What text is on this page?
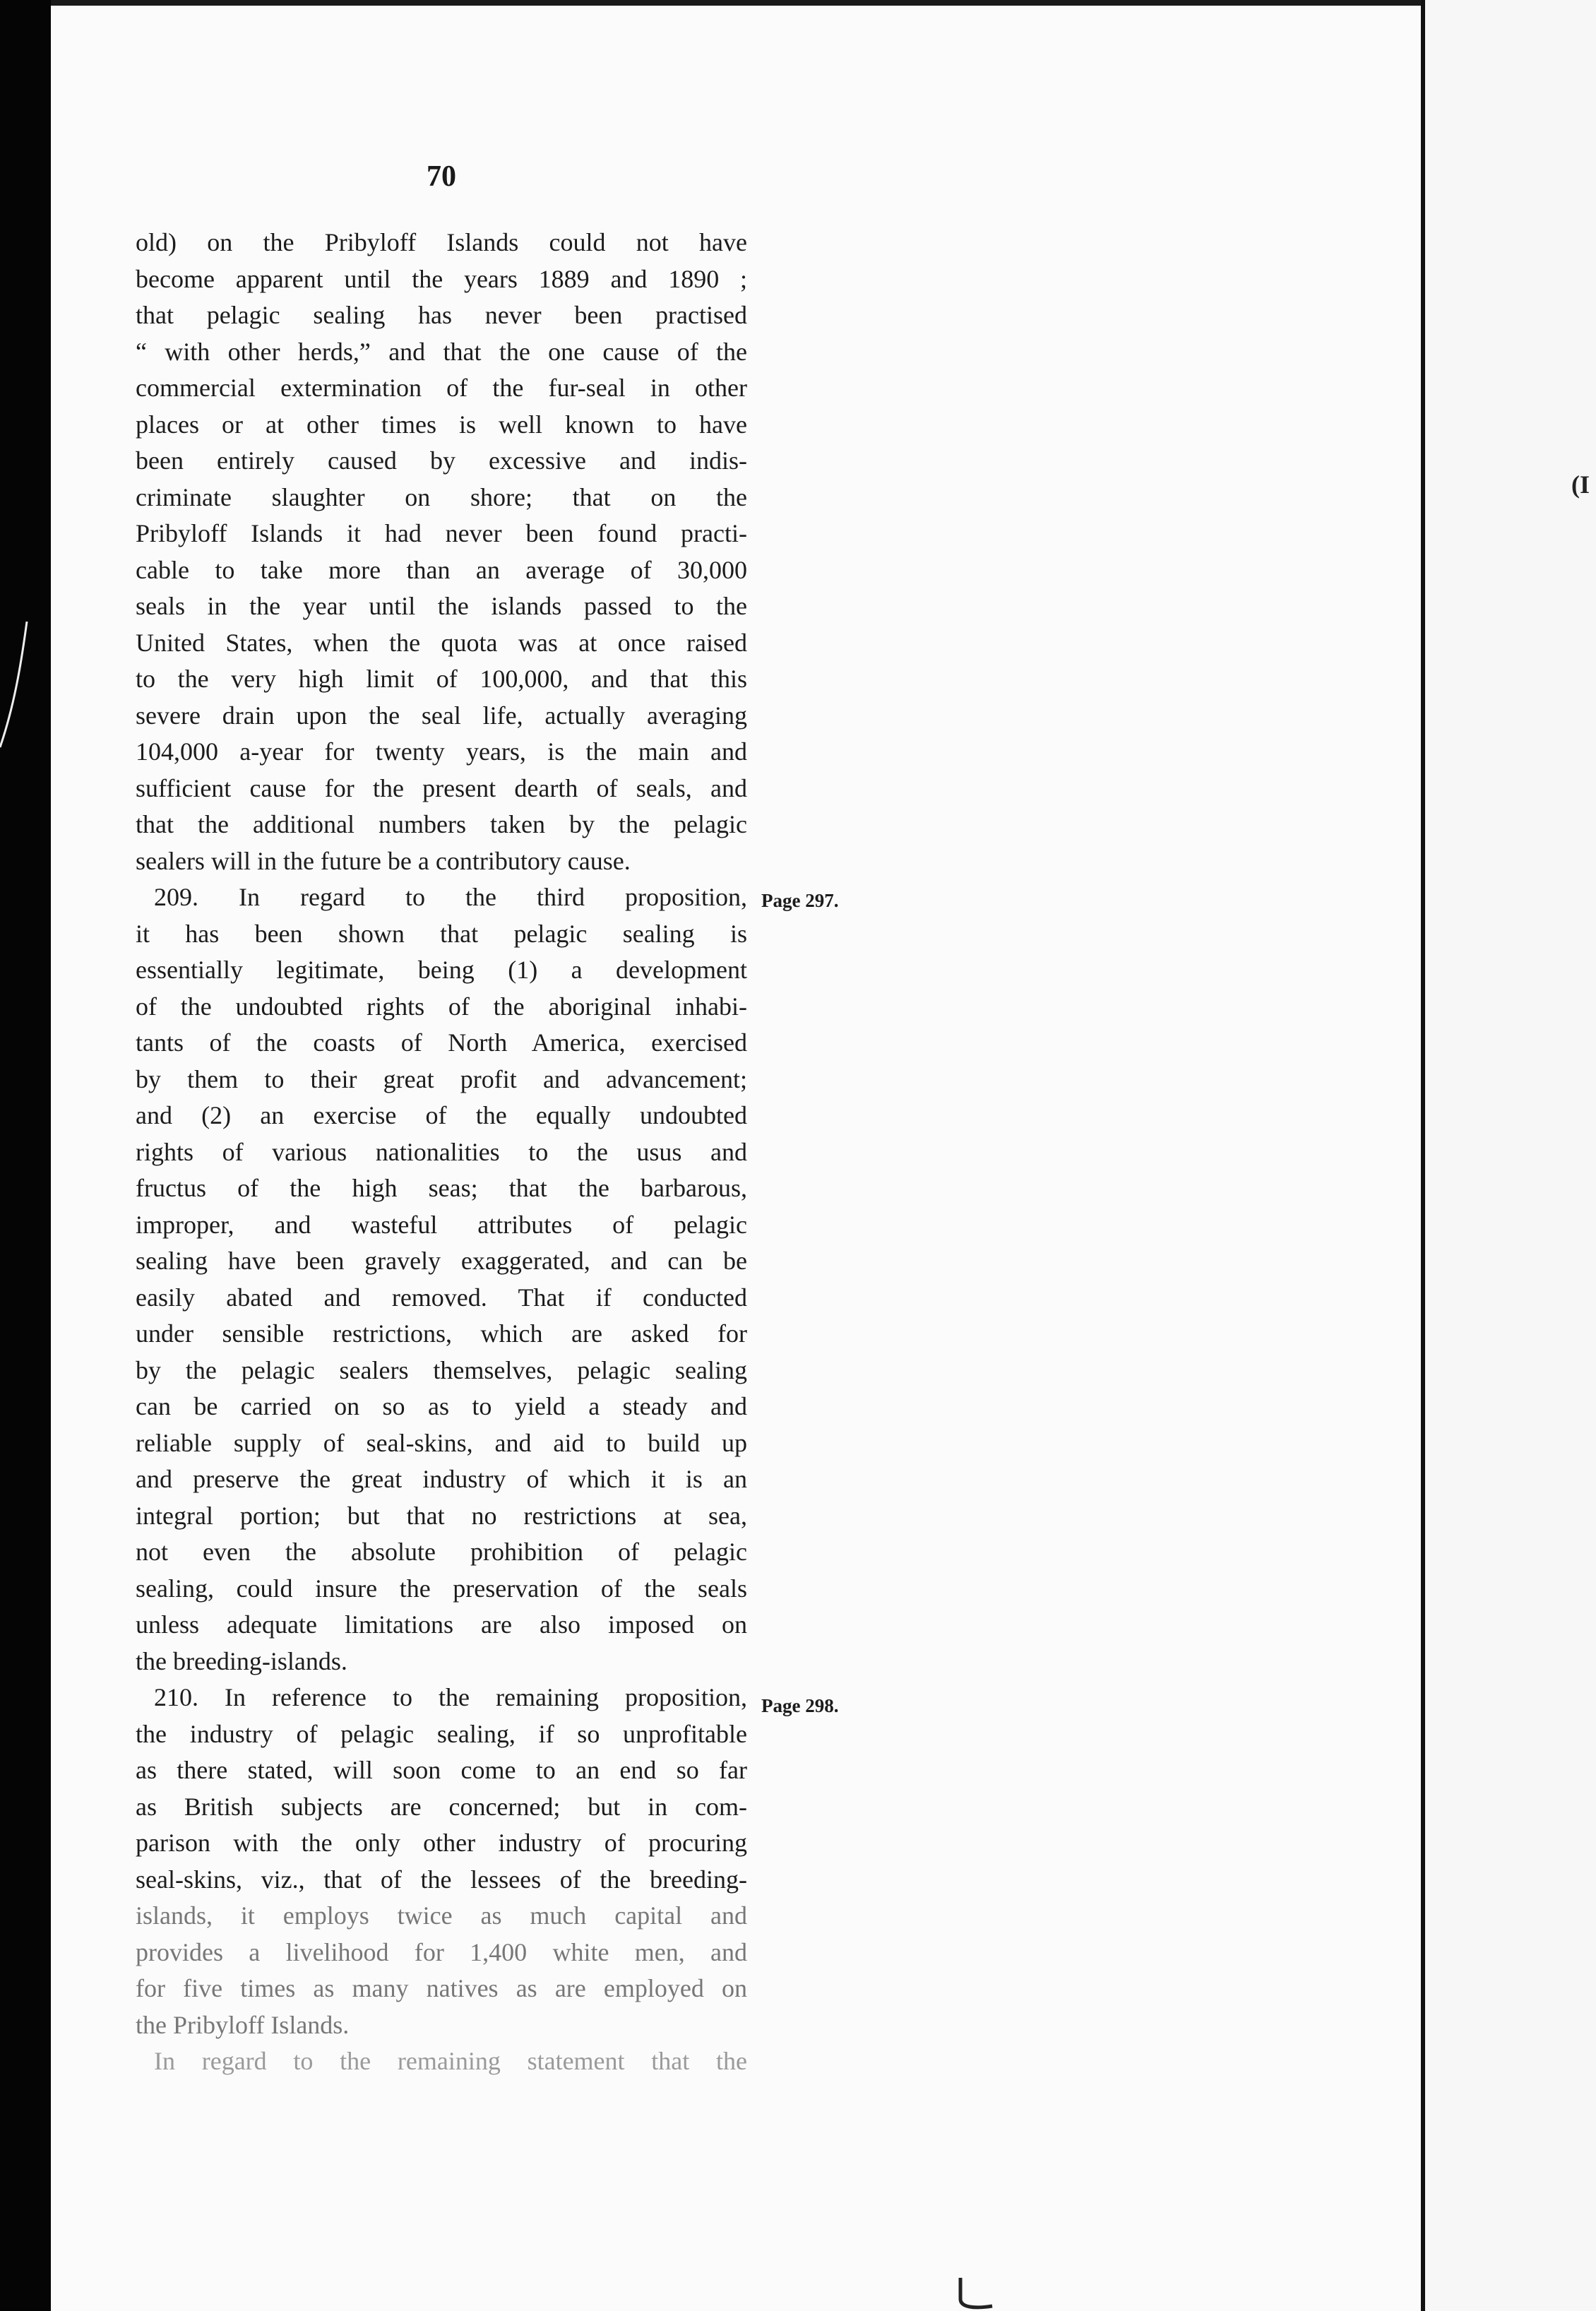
(I
70
old) on the Pribyloff Islands could not have
become apparent until the years 1889 and 1890 ;
that pelagic sealing has never been practised
“ with other herds,” and that the one cause of the
commercial extermination of the fur-seal in other
places or at other times is well known to have
been entirely caused by excessive and indis-
criminate slaughter on shore; that on the
Pribyloff Islands it had never been found practi-
cable to take more than an average of 30,000
seals in the year until the islands passed to the
United States, when the quota was at once raised
to the very high limit of 100,000, and that this
severe drain upon the seal life, actually averaging
104,000 a-year for twenty years, is the main and
sufficient cause for the present dearth of seals, and
that the additional numbers taken by the pelagic
sealers will in the future be a contributory cause.
209. In regard to the third proposition,
it has been shown that pelagic sealing is
essentially legitimate, being (1) a development
of the undoubted rights of the aboriginal inhabi-
tants of the coasts of North America, exercised
by them to their great profit and advancement;
and (2) an exercise of the equally undoubted
rights of various nationalities to the usus and
fructus of the high seas; that the barbarous,
improper, and wasteful attributes of pelagic
sealing have been gravely exaggerated, and can be
easily abated and removed. That if conducted
under sensible restrictions, which are asked for
by the pelagic sealers themselves, pelagic sealing
can be carried on so as to yield a steady and
reliable supply of seal-skins, and aid to build up
and preserve the great industry of which it is an
integral portion; but that no restrictions at sea,
not even the absolute prohibition of pelagic
sealing, could insure the preservation of the seals
unless adequate limitations are also imposed on
the breeding-islands.
210. In reference to the remaining proposition,
the industry of pelagic sealing, if so unprofitable
as there stated, will soon come to an end so far
as British subjects are concerned; but in com-
parison with the only other industry of procuring
seal-skins, viz., that of the lessees of the breeding-
islands, it employs twice as much capital and
provides a livelihood for 1,400 white men, and
for five times as many natives as are employed on
the Pribyloff Islands.
In regard to the remaining statement that the
Page 297.
Page 298.
